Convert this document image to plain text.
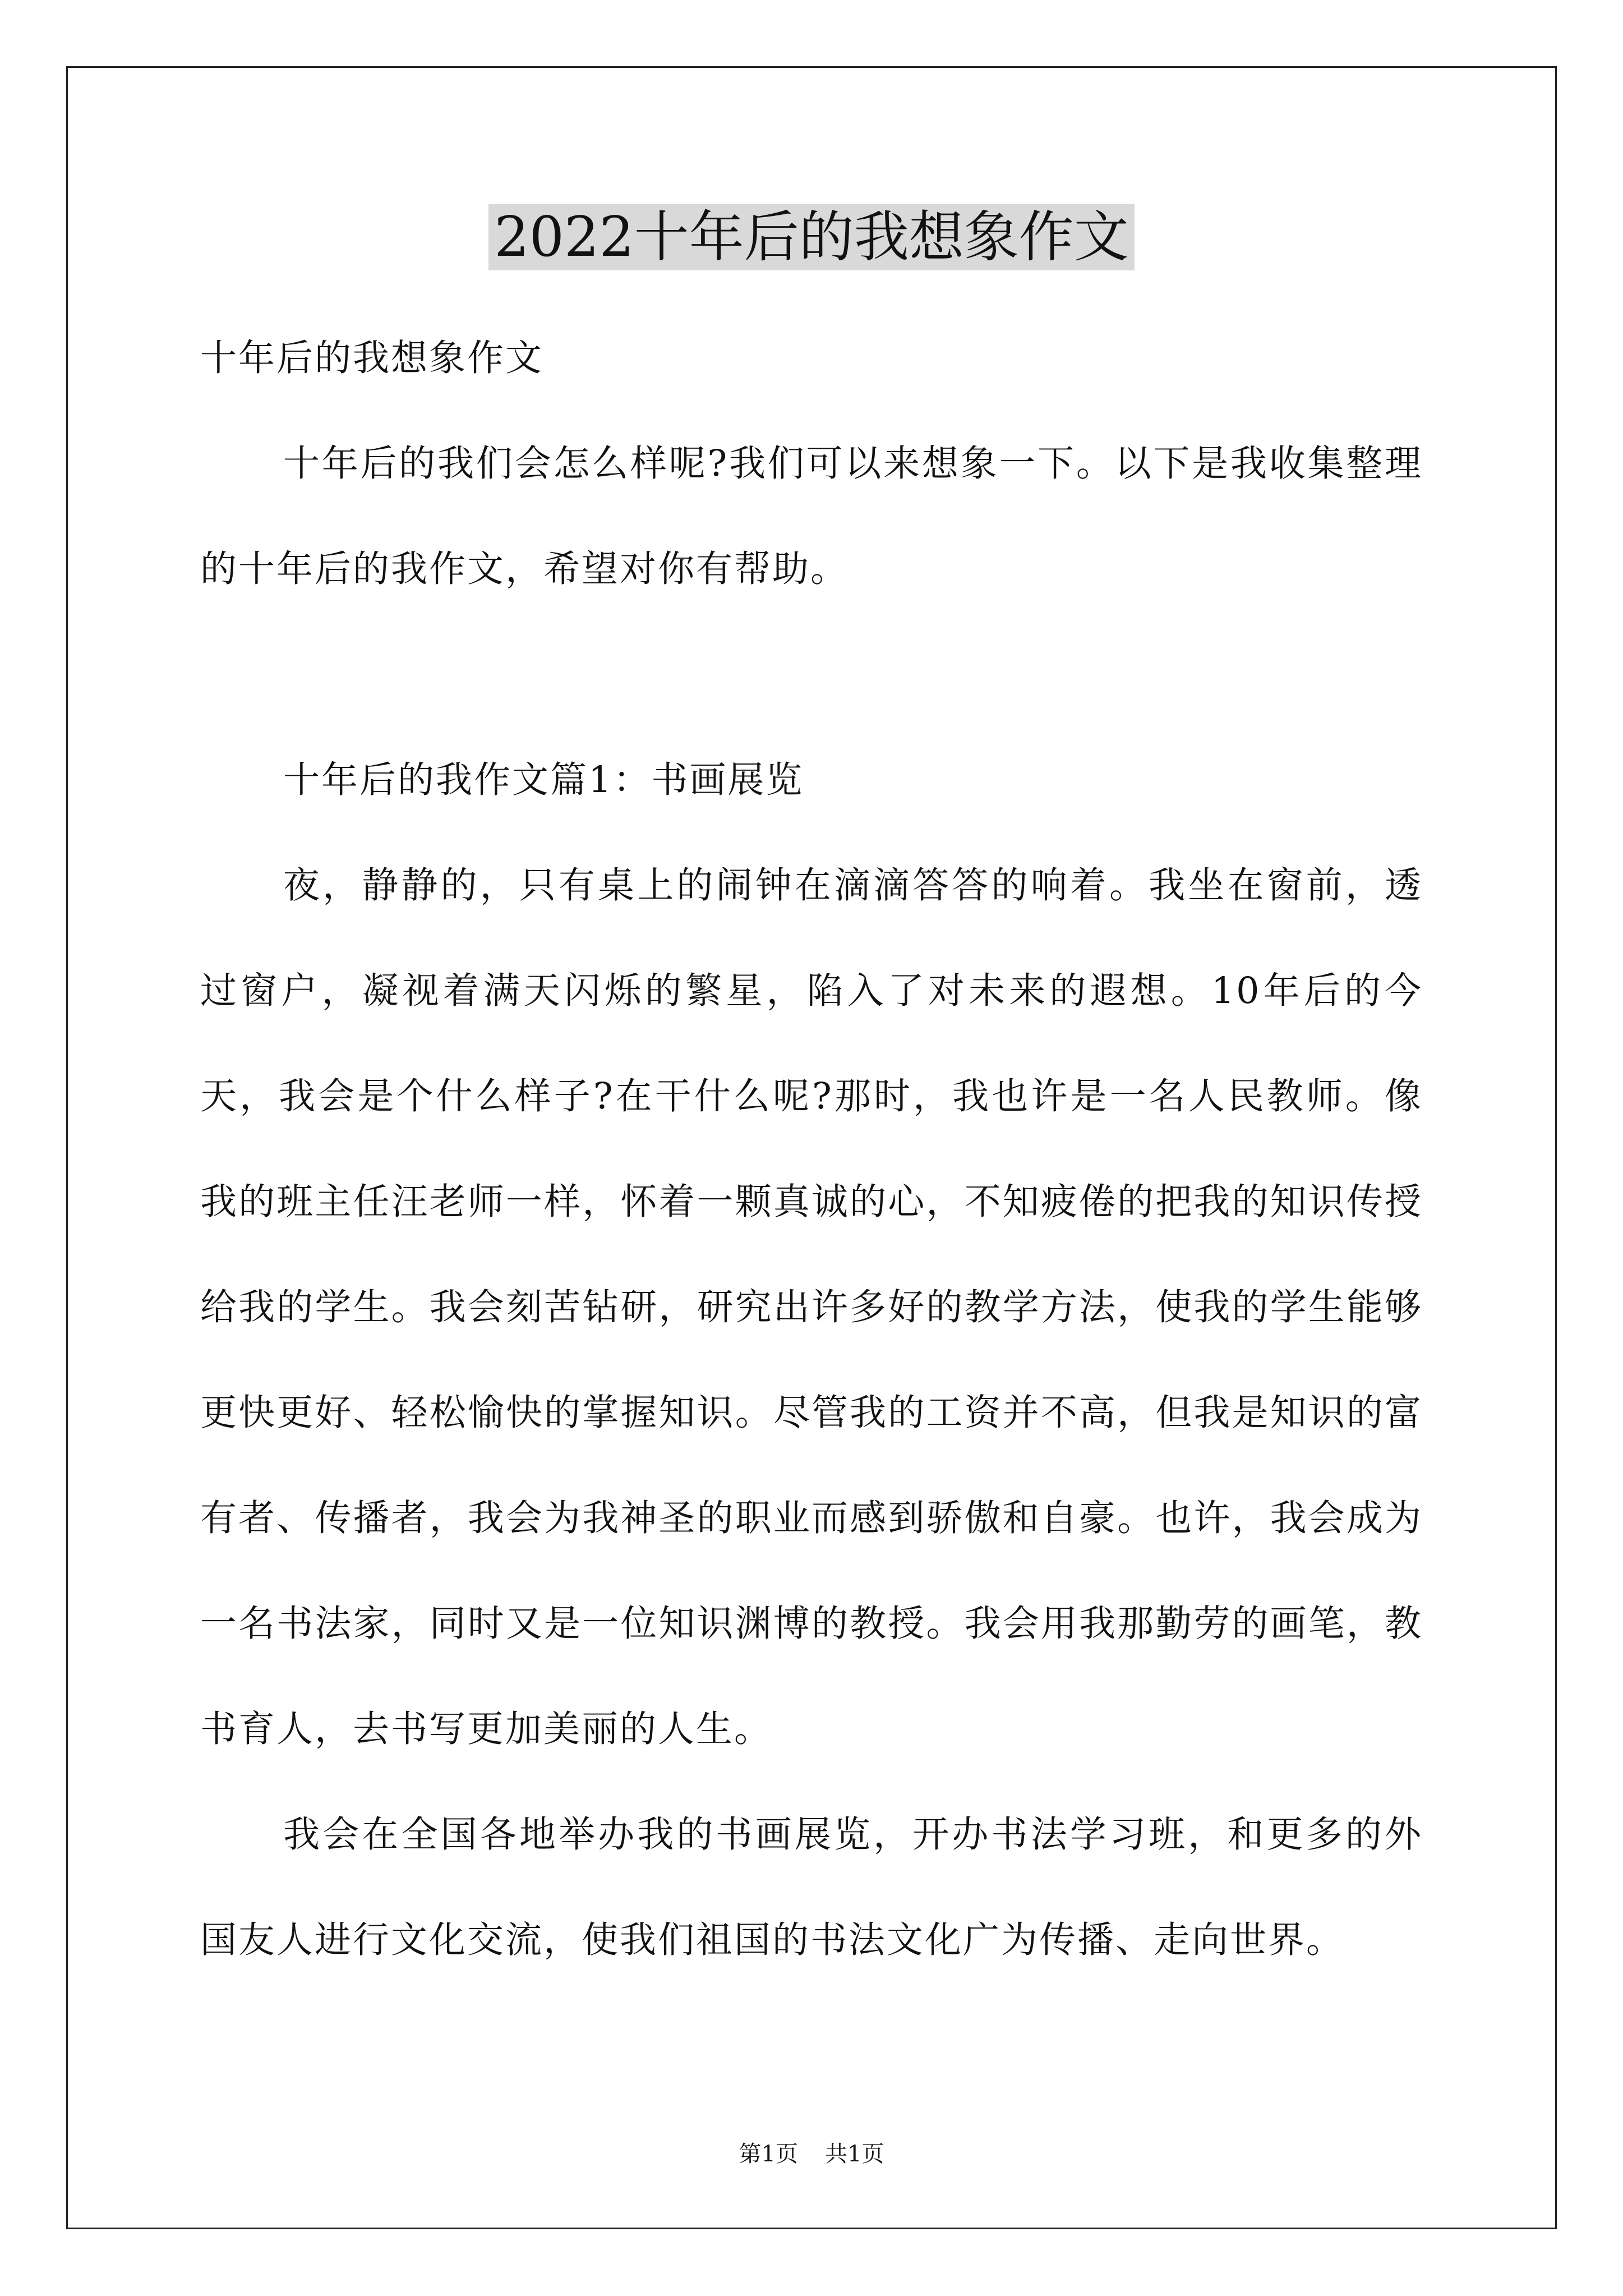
2022十年后的我想象作文

十年后的我想象作文

十年后的我们会怎么样呢?我们可以来想象一下。以下是我收集整理的十年后的我作文，希望对你有帮助。

十年后的我作文篇1：书画展览

夜，静静的，只有桌上的闹钟在滴滴答答的响着。我坐在窗前，透过窗户，凝视着满天闪烁的繁星，陷入了对未来的遐想。10年后的今天，我会是个什么样子?在干什么呢?那时，我也许是一名人民教师。像我的班主任汪老师一样，怀着一颗真诚的心，不知疲倦的把我的知识传授给我的学生。我会刻苦钻研，研究出许多好的教学方法，使我的学生能够更快更好、轻松愉快的掌握知识。尽管我的工资并不高，但我是知识的富有者、传播者，我会为我神圣的职业而感到骄傲和自豪。也许，我会成为一名书法家，同时又是一位知识渊博的教授。我会用我那勤劳的画笔，教书育人，去书写更加美丽的人生。

我会在全国各地举办我的书画展览，开办书法学习班，和更多的外国友人进行文化交流，使我们祖国的书法文化广为传播、走向世界。

第1页 共1页
